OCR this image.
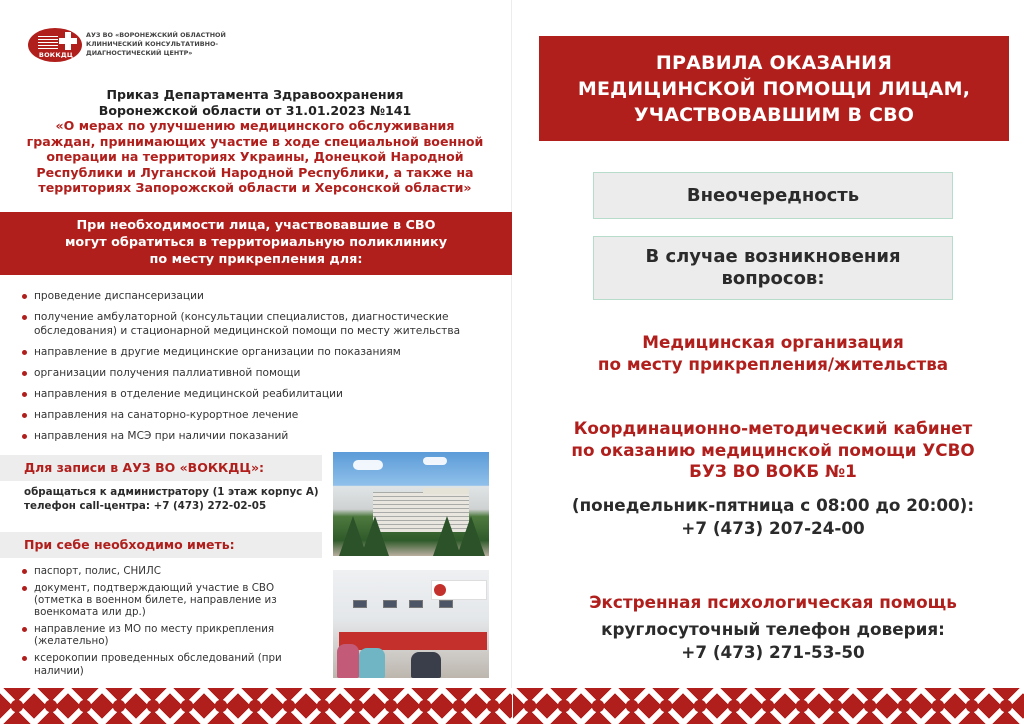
ВОККДЦ
АУЗ ВО «ВОРОНЕЖСКИЙ ОБЛАСТНОЙ КЛИНИЧЕСКИЙ КОНСУЛЬТАТИВНО-ДИАГНОСТИЧЕСКИЙ ЦЕНТР»
Приказ Департамента Здравоохранения
Воронежской области от 31.01.2023 №141
«О мерах по улучшению медицинского обслуживания граждан, принимающих участие в ходе специальной военной операции на территориях Украины, Донецкой Народной Республики и Луганской Народной Республики, а также на территориях Запорожской области и Херсонской области»
При необходимости лица, участвовавшие в СВО
могут обратиться в территориальную поликлинику
по месту прикрепления для:
проведение диспансеризации
получение амбулаторной (консультации специалистов, диагностические обследования) и стационарной медицинской помощи по месту жительства
направление в другие медицинские организации по показаниям
организации получения паллиативной помощи
направления в отделение медицинской реабилитации
направления на санаторно-курортное лечение
направления на МСЭ при наличии показаний
Для записи в АУЗ ВО «ВОККДЦ»:
обращаться к администратору (1 этаж корпус А)
телефон call-центра: +7 (473) 272-02-05
При себе необходимо иметь:
паспорт, полис, СНИЛС
документ, подтверждающий участие в СВО (отметка в военном билете, направление из военкомата или др.)
направление из МО по месту прикрепления (желательно)
ксерокопии проведенных обследований (при наличии)
ПРАВИЛА ОКАЗАНИЯ
МЕДИЦИНСКОЙ ПОМОЩИ ЛИЦАМ,
УЧАСТВОВАВШИМ В СВО
Внеочередность
В случае возникновения
вопросов:
Медицинская организация
по месту прикрепления/жительства
Координационно-методический кабинет
по оказанию медицинской помощи УСВО
БУЗ ВО ВОКБ №1
(понедельник-пятница с 08:00 до 20:00):
+7 (473) 207-24-00
Экстренная психологическая помощь
круглосуточный телефон доверия:
+7 (473) 271-53-50
